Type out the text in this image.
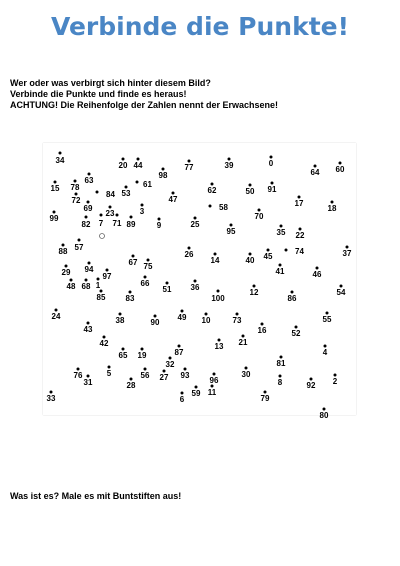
Verbinde die Punkte!
Wer oder was verbirgt sich hinter diesem Bild?
Verbinde die Punkte und finde es heraus!
ACHTUNG! Die Reihenfolge der Zahlen nennt der Erwachsene!
34
20 44	77	39	0
64 60
63
98
78	61
15
53	62	50 91
84
72	47
69
17
18
58
23	3
70
99
82 7 71 89	9	25
95	35 22
57
88	26
14	40 45
74	37
67 75
29 94	41
97	46
66
48 68 1	36
51	12	54
85	83	100	86
24	49
38	90	10	73	55
43	16	52
42	13 21
65 19	87	4
32	81
76	5	56 27 93	30
2
31	96	8	92
28
59 11
6
33	79
80
Was ist es? Male es mit Buntstiften aus!
